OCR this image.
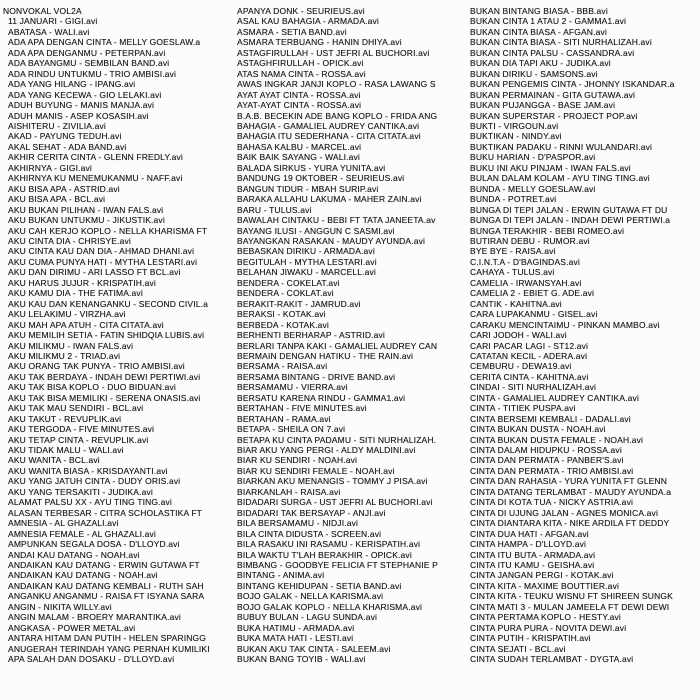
NONVOKAL VOL2A
11 JANUARI - GIGI.avi
ABATASA - WALI.avi
ADA APA DENGAN CINTA - MELLY GOESLAW.a
ADA APA DENGANMU - PETERPAN.avi
ADA BAYANGMU - SEMBILAN BAND.avi
ADA RINDU UNTUKMU - TRIO AMBISI.avi
ADA YANG HILANG - IPANG.avi
ADA YANG KECEWA - GIO LELAKI.avi
ADUH BUYUNG - MANIS MANJA.avi
ADUH MANIS - ASEP KOSASIH.avi
AISHITERU - ZIVILIA.avi
AKAD - PAYUNG TEDUH.avi
AKAL SEHAT - ADA BAND.avi
AKHIR CERITA CINTA - GLENN FREDLY.avi
AKHIRNYA - GIGI.avi
AKHIRNYA KU MENEMUKANMU - NAFF.avi
AKU BISA APA - ASTRID.avi
AKU BISA APA - BCL.avi
AKU BUKAN PILIHAN - IWAN FALS.avi
AKU BUKAN UNTUKMU - JIKUSTIK.avi
AKU CAH KERJO KOPLO - NELLA KHARISMA FT
AKU CINTA DIA - CHRISYE.avi
AKU CINTA KAU DAN DIA - AHMAD DHANI.avi
AKU CUMA PUNYA HATI - MYTHA LESTARI.avi
AKU DAN DIRIMU - ARI LASSO FT BCL.avi
AKU HARUS JUJUR - KRISPATIH.avi
AKU KAMU DIA - THE FATIMA.avi
AKU KAU DAN KENANGANKU - SECOND CIVIL.a
AKU LELAKIMU - VIRZHA.avi
AKU MAH APA ATUH - CITA CITATA.avi
AKU MEMILIH SETIA - FATIN SHIDQIA LUBIS.avi
AKU MILIKMU - IWAN FALS.avi
AKU MILIKMU 2 - TRIAD.avi
AKU ORANG TAK PUNYA - TRIO AMBISI.avi
AKU TAK BERDAYA - INDAH DEWI PERTIWI.avi
AKU TAK BISA KOPLO - DUO BIDUAN.avi
AKU TAK BISA MEMILIKI - SERENA ONASIS.avi
AKU TAK MAU SENDIRI - BCL.avi
AKU TAKUT - REVUPLIK.avi
AKU TERGODA - FIVE MINUTES.avi
AKU TETAP CINTA - REVUPLIK.avi
AKU TIDAK MALU - WALI.avi
AKU WANITA - BCL.avi
AKU WANITA BIASA - KRISDAYANTI.avi
AKU YANG JATUH CINTA - DUDY ORIS.avi
AKU YANG TERSAKITI - JUDIKA.avi
ALAMAT PALSU XX - AYU TING TING.avi
ALASAN TERBESAR - CITRA SCHOLASTIKA FT
AMNESIA - AL GHAZALI.avi
AMNESIA FEMALE - AL GHAZALI.avi
AMPUNKAN SEGALA DOSA - D'LLOYD.avi
ANDAI KAU DATANG - NOAH.avi
ANDAIKAN KAU DATANG - ERWIN GUTAWA FT
ANDAIKAN KAU DATANG - NOAH.avi
ANDAIKAN KAU DATANG KEMBALI - RUTH SAH
ANGANKU ANGANMU - RAISA FT ISYANA SARA
ANGIN - NIKITA WILLY.avi
ANGIN MALAM - BROERY MARANTIKA.avi
ANGKASA - POWER METAL.avi
ANTARA HITAM DAN PUTIH - HELEN SPARINGG
ANUGERAH TERINDAH YANG PERNAH KUMILIKI
APA SALAH DAN DOSAKU - D'LLOYD.avi
APANYA DONK - SEURIEUS.avi
ASAL KAU BAHAGIA - ARMADA.avi
ASMARA - SETIA BAND.avi
ASMARA TERBUANG - HANIN DHIYA.avi
ASTAGFIRULLAH - UST JEFRI AL BUCHORI.avi
ASTAGHFIRULLAH - OPICK.avi
ATAS NAMA CINTA - ROSSA.avi
AWAS INGKAR JANJI KOPLO - RASA LAWANG S
AYAT AYAT CINTA - ROSSA.avi
AYAT-AYAT CINTA - ROSSA.avi
B.A.B. BECEKIN ADE BANG KOPLO - FRIDA ANG
BAHAGIA - GAMALIEL AUDREY CANTIKA.avi
BAHAGIA ITU SEDERHANA - CITA CITATA.avi
BAHASA KALBU - MARCEL.avi
BAIK BAIK SAYANG - WALI.avi
BALADA SIRKUS - YURA YUNITA.avi
BANDUNG 19 OKTOBER - SEURIEUS.avi
BANGUN TIDUR - MBAH SURIP.avi
BARAKA ALLAHU LAKUMA - MAHER ZAIN.avi
BARU - TULUS.avi
BAWALAH CINTAKU - BEBI FT TATA JANEETA.av
BAYANG ILUSI - ANGGUN C SASMI.avi
BAYANGKAN RASAKAN - MAUDY AYUNDA.avi
BEBASKAN DIRIKU - ARMADA.avi
BEGITULAH - MYTHA LESTARI.avi
BELAHAN JIWAKU - MARCELL.avi
BENDERA - COKELAT.avi
BENDERA - COKLAT.avi
BERAKIT-RAKIT - JAMRUD.avi
BERAKSI - KOTAK.avi
BERBEDA - KOTAK.avi
BERHENTI BERHARAP - ASTRID.avi
BERLARI TANPA KAKI - GAMALIEL AUDREY CAN
BERMAIN DENGAN HATIKU - THE RAIN.avi
BERSAMA - RAISA.avi
BERSAMA BINTANG - DRIVE BAND.avi
BERSAMAMU - VIERRA.avi
BERSATU KARENA RINDU - GAMMA1.avi
BERTAHAN - FIVE MINUTES.avi
BERTAHAN - RAMA.avi
BETAPA - SHEILA ON 7.avi
BETAPA KU CINTA PADAMU - SITI NURHALIZAH.
BIAR AKU YANG PERGI - ALDY MALDINI.avi
BIAR KU SENDIRI - NOAH.avi
BIAR KU SENDIRI FEMALE - NOAH.avi
BIARKAN AKU MENANGIS - TOMMY J PISA.avi
BIARKANLAH - RAISA.avi
BIDADARI SURGA - UST JEFRI AL BUCHORI.avi
BIDADARI TAK BERSAYAP - ANJI.avi
BILA BERSAMAMU - NIDJI.avi
BILA CINTA DIDUSTA - SCREEN.avi
BILA RASAKU INI RASAMU - KERISPATIH.avi
BILA WAKTU T'LAH BERAKHIR - OPICK.avi
BIMBANG - GOODBYE FELICIA FT STEPHANIE P
BINTANG - ANIMA.avi
BINTANG KEHIDUPAN - SETIA BAND.avi
BOJO GALAK - NELLA KARISMA.avi
BOJO GALAK KOPLO - NELLA KHARISMA.avi
BUBUY BULAN - LAGU SUNDA.avi
BUKA HATIMU - ARMADA.avi
BUKA MATA HATI - LESTI.avi
BUKAN AKU TAK CINTA - SALEEM.avi
BUKAN BANG TOYIB - WALI.avi
BUKAN BINTANG BIASA - BBB.avi
BUKAN CINTA 1 ATAU 2 - GAMMA1.avi
BUKAN CINTA BIASA - AFGAN.avi
BUKAN CINTA BIASA - SITI NURHALIZAH.avi
BUKAN CINTA PALSU - CASSANDRA.avi
BUKAN DIA TAPI AKU - JUDIKA.avi
BUKAN DIRIKU - SAMSONS.avi
BUKAN PENGEMIS CINTA - JHONNY ISKANDAR.a
BUKAN PERMAINAN - GITA GUTAWA.avi
BUKAN PUJANGGA - BASE JAM.avi
BUKAN SUPERSTAR - PROJECT POP.avi
BUKTI - VIRGOUN.avi
BUKTIKAN - NINDY.avi
BUKTIKAN PADAKU - RINNI WULANDARI.avi
BUKU HARIAN - D'PASPOR.avi
BUKU INI AKU PINJAM - IWAN FALS.avi
BULAN DALAM KOLAM - AYU TING TING.avi
BUNDA - MELLY GOESLAW.avi
BUNDA - POTRET.avi
BUNGA DI TEPI JALAN - ERWIN GUTAWA FT DU
BUNGA DI TEPI JALAN - INDAH DEWI PERTIWI.a
BUNGA TERAKHIR - BEBI ROMEO.avi
BUTIRAN DEBU - RUMOR.avi
BYE BYE - RAISA.avi
C.I.N.T.A - D'BAGINDAS.avi
CAHAYA - TULUS.avi
CAMELIA - IRWANSYAH.avi
CAMELIA 2 - EBIET G. ADE.avi
CANTIK - KAHITNA.avi
CARA LUPAKANMU - GISEL.avi
CARAKU MENCINTAIMU - PINKAN MAMBO.avi
CARI JODOH - WALI.avi
CARI PACAR LAGI - ST12.avi
CATATAN KECIL - ADERA.avi
CEMBURU - DEWA19.avi
CERITA CINTA - KAHITNA.avi
CINDAI - SITI NURHALIZAH.avi
CINTA - GAMALIEL AUDREY CANTIKA.avi
CINTA - TITIEK PUSPA.avi
CINTA BERSEMI KEMBALI - DADALI.avi
CINTA BUKAN DUSTA - NOAH.avi
CINTA BUKAN DUSTA FEMALE - NOAH.avi
CINTA DALAM HIDUPKU - ROSSA.avi
CINTA DAN PERMATA - PANBER'S.avi
CINTA DAN PERMATA - TRIO AMBISI.avi
CINTA DAN RAHASIA - YURA YUNITA FT GLENN
CINTA DATANG TERLAMBAT - MAUDY AYUNDA.a
CINTA DI KOTA TUA - NICKY ASTRIA.avi
CINTA DI UJUNG JALAN - AGNES MONICA.avi
CINTA DIANTARA KITA - NIKE ARDILA FT DEDDY
CINTA DUA HATI - AFGAN.avi
CINTA HAMPA - D'LLOYD.avi
CINTA ITU BUTA - ARMADA.avi
CINTA ITU KAMU - GEISHA.avi
CINTA JANGAN PERGI - KOTAK.avi
CINTA KITA - MAXIME BOUTTIER.avi
CINTA KITA - TEUKU WISNU FT SHIREEN SUNGK
CINTA MATI 3 - MULAN JAMEELA FT DEWI DEWI
CINTA PERTAMA KOPLO - HESTY.avi
CINTA PURA PURA - NOVITA DEWI.avi
CINTA PUTIH - KRISPATIH.avi
CINTA SEJATI - BCL.avi
CINTA SUDAH TERLAMBAT - DYGTA.avi
